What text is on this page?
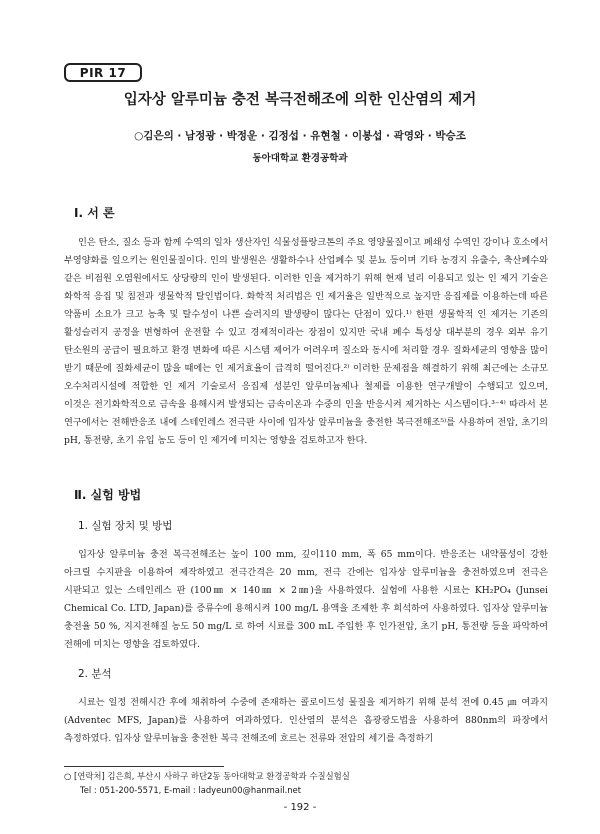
PIR 17
입자상 알루미늄 충전 복극전해조에 의한 인산염의 제거
○김은의 · 남정광 · 박정운 · 김정섭 · 유현철 · 이봉섭 · 곽영와 · 박승조
동아대학교 환경공학과
Ⅰ. 서 론

인은 탄소, 질소 등과 함께 수역의 일차 생산자인 식물성플랑크톤의 주요 영양물질이고 폐쇄성 수역인 강이나 호소에서 부영양화를 일으키는 원인물질이다. 인의 발생원은 생활하수나 산업폐수 및 분뇨 등이며 기타 농경지 유출수, 축산폐수와 같은 비점원 오염원에서도 상당량의 인이 발생된다. 이러한 인을 제거하기 위해 현재 널리 이용되고 있는 인 제거 기술은 화학적 응집 및 침전과 생물학적 탈인법이다. 화학적 처리법은 인 제거율은 일반적으로 높지만 응집제를 이용하는데 따른 약품비 소요가 크고 농축 및 탈수성이 나쁜 슬러지의 발생량이 많다는 단점이 있다.¹⁾ 한편 생물학적 인 제거는 기존의 활성슬러지 공정을 변형하여 운전할 수 있고 경제적이라는 장점이 있지만 국내 폐수 특성상 대부분의 경우 외부 유기 탄소원의 공급이 필요하고 환경 변화에 따른 시스템 제어가 어려우며 질소와 동시에 처리할 경우 질화세균의 영향을 많이 받기 때문에 질화세균이 많을 때에는 인 제거효율이 급격히 떨어진다.²⁾ 이러한 문제점을 해결하기 위해 최근에는 소규모 오수처리시설에 적합한 인 제거 기술로서 응집제 성분인 알루미늄제나 철제를 이용한 연구개발이 수행되고 있으며, 이것은 전기화학적으로 금속을 용해시켜 발생되는 금속이온과 수중의 인을 반응시켜 제거하는 시스템이다.³⁻⁴⁾ 따라서 본 연구에서는 전해반응조 내에 스테인레스 전극판 사이에 입자상 알루미늄을 충전한 복극전해조⁵⁾를 사용하여 전압, 초기의 pH, 통전량, 초기 유입 농도 등이 인 제거에 미치는 영향을 검토하고자 한다.

Ⅱ. 실험 방법
1. 실험 장치 및 방법

입자상 알루미늄 충전 복극전해조는 높이 100 mm, 깊이110 mm, 폭 65 mm이다. 반응조는 내약품성이 강한 아크릴 수지판을 이용하여 제작하였고 전극간격은 20 mm, 전극 간에는 입자상 알루미늄을 충전하였으며 전극은 시판되고 있는 스테인레스 판 (100㎜ × 140㎜ × 2㎜)을 사용하였다. 실험에 사용한 시료는 KH₂PO₄ (Junsei Chemical Co. LTD, Japan)를 증류수에 용해시켜 100 mg/L 용액을 조제한 후 희석하여 사용하였다. 입자상 알루미늄 충전율 50 %, 지지전해질 농도 50 mg/L 로 하여 시료를 300 mL 주입한 후 인가전압, 초기 pH, 통전량 등을 파악하여 전해에 미치는 영향을 검토하였다.

2. 분석

시료는 일정 전해시간 후에 채취하여 수중에 존재하는 콜로이드성 물질을 제거하기 위해 분석 전에 0.45 ㎛ 여과지(Adventec MFS, Japan)를 사용하여 여과하였다. 인산염의 분석은 흡광광도법을 사용하여 880nm의 파장에서 측정하였다. 입자상 알루미늄을 충전한 복극 전해조에 흐르는 전류와 전압의 세기를 측정하기

○ [연락처] 김은희, 부산시 사하구 하단2동 동아대학교 환경공학과 수질실험실
Tel : 051-200-5571, E-mail : ladyeun00@hanmail.net
- 192 -
